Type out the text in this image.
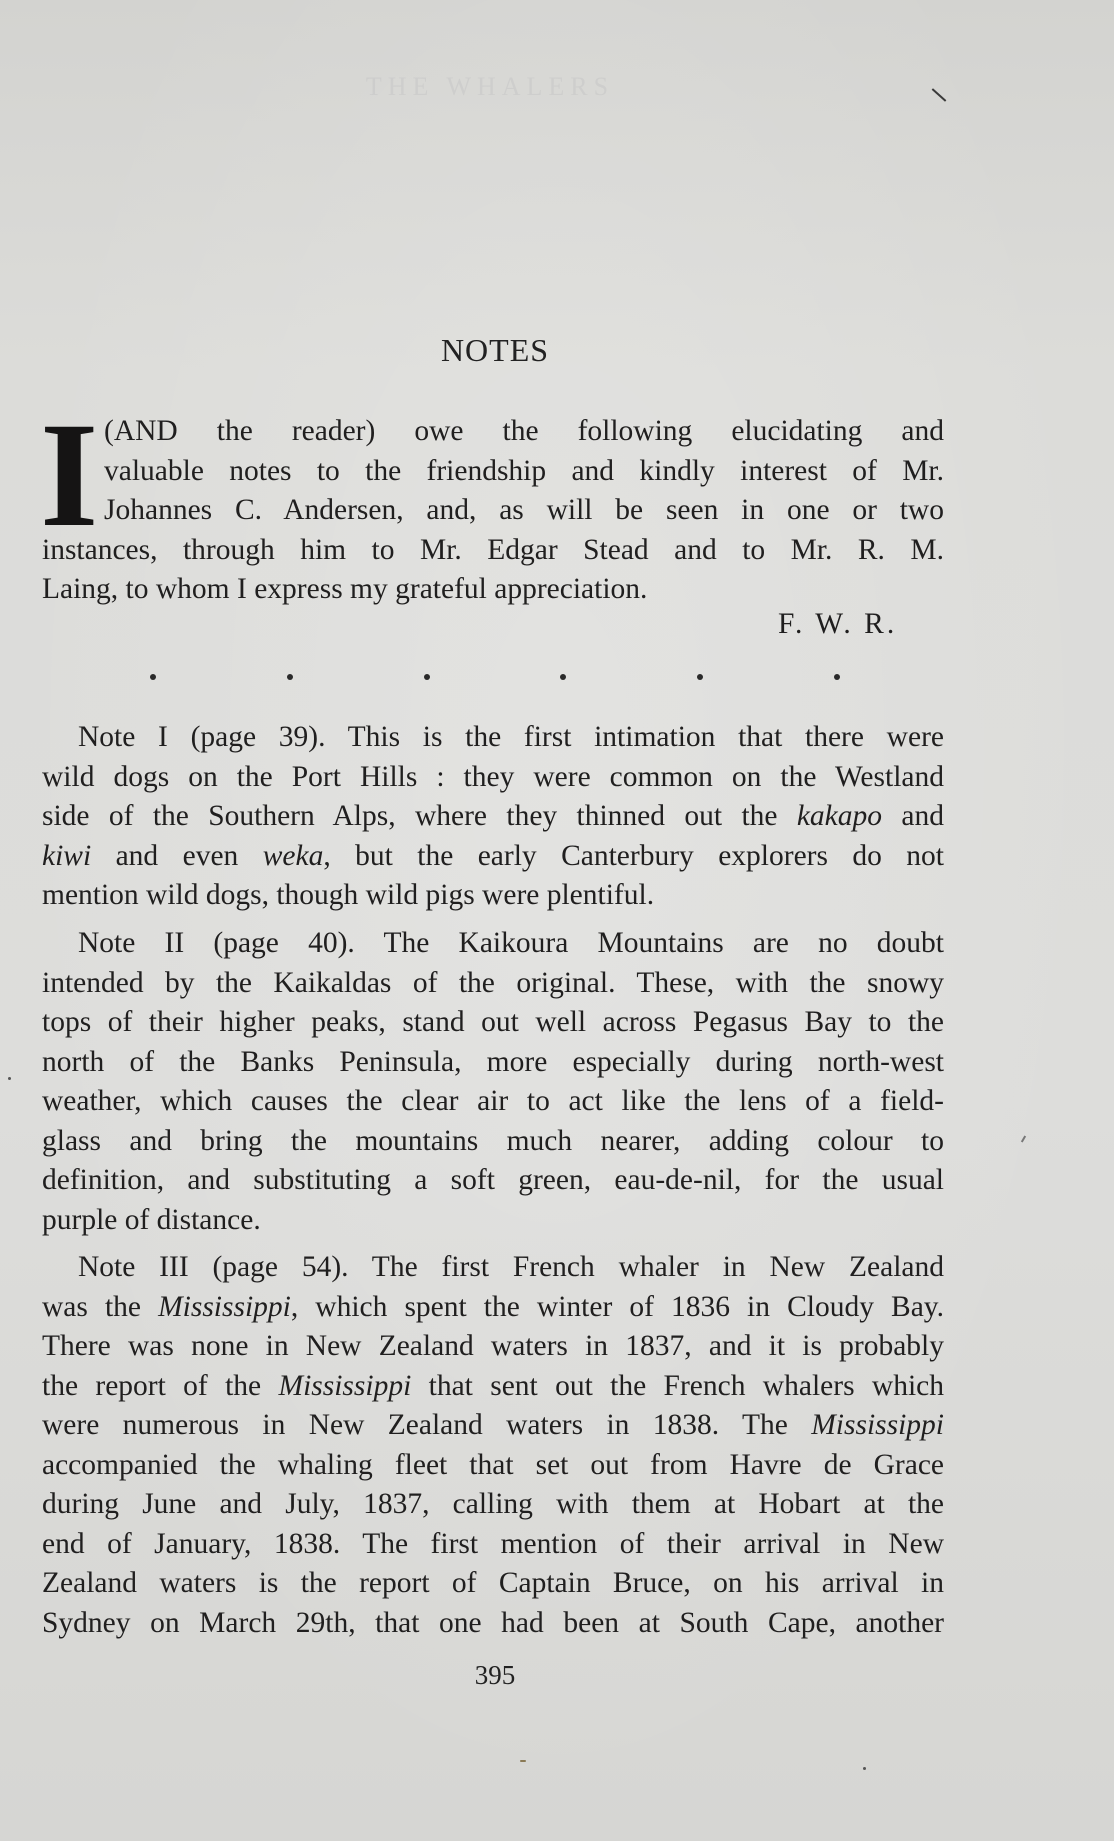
THE WHALERS

NOTES
I (AND the reader) owe the following elucidating and
valuable notes to the friendship and kindly interest of Mr.
Johannes C. Andersen, and, as will be seen in one or two
instances, through him to Mr. Edgar Stead and to Mr. R. M.
Laing, to whom I express my grateful appreciation.
F. W. R.
Note I (page 39). This is the first intimation that there were
wild dogs on the Port Hills : they were common on the Westland
side of the Southern Alps, where they thinned out the kakapo and
kiwi and even weka, but the early Canterbury explorers do not
mention wild dogs, though wild pigs were plentiful.
Note II (page 40). The Kaikoura Mountains are no doubt
intended by the Kaikaldas of the original. These, with the snowy
tops of their higher peaks, stand out well across Pegasus Bay to the
north of the Banks Peninsula, more especially during north-west
weather, which causes the clear air to act like the lens of a field-
glass and bring the mountains much nearer, adding colour to
definition, and substituting a soft green, eau-de-nil, for the usual
purple of distance.
Note III (page 54). The first French whaler in New Zealand
was the Mississippi, which spent the winter of 1836 in Cloudy Bay.
There was none in New Zealand waters in 1837, and it is probably
the report of the Mississippi that sent out the French whalers which
were numerous in New Zealand waters in 1838. The Mississippi
accompanied the whaling fleet that set out from Havre de Grace
during June and July, 1837, calling with them at Hobart at the
end of January, 1838. The first mention of their arrival in New
Zealand waters is the report of Captain Bruce, on his arrival in
Sydney on March 29th, that one had been at South Cape, another
395
